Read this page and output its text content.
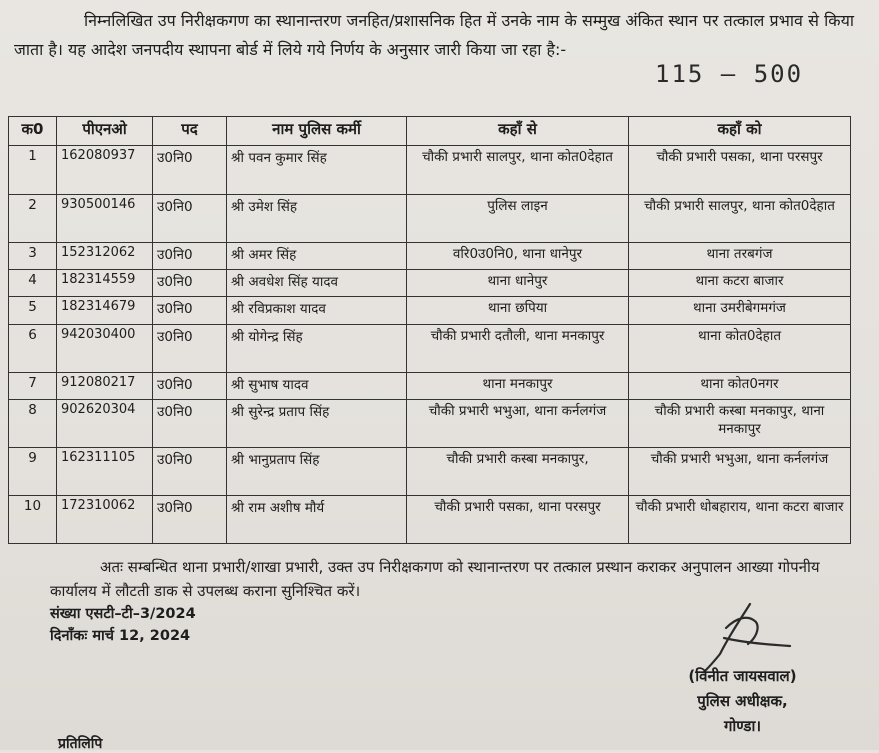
निम्नलिखित उप निरीक्षकगण का स्थानान्तरण जनहित/प्रशासनिक हित में उनके नाम के सम्मुख अंकित स्थान पर तत्काल प्रभाव से किया जाता है। यह आदेश जनपदीय स्थापना बोर्ड में लिये गये निर्णय के अनुसार जारी किया जा रहा है:-

115 — 500
क0	पीएनओ	पद	नाम पुलिस कर्मी	कहाँ से	कहाँ को
1	162080937	उ0नि0	श्री पवन कुमार सिंह	चौकी प्रभारी सालपुर, थाना कोत0देहात	चौकी प्रभारी पसका, थाना परसपुर
2	930500146	उ0नि0	श्री उमेश सिंह	पुलिस लाइन	चौकी प्रभारी सालपुर, थाना कोत0देहात
3	152312062	उ0नि0	श्री अमर सिंह	वरि0उ0नि0, थाना धानेपुर	थाना तरबगंज
4	182314559	उ0नि0	श्री अवधेश सिंह यादव	थाना धानेपुर	थाना कटरा बाजार
5	182314679	उ0नि0	श्री रविप्रकाश यादव	थाना छपिया	थाना उमरीबेगमगंज
6	942030400	उ0नि0	श्री योगेन्द्र सिंह	चौकी प्रभारी दतौली, थाना मनकापुर	थाना कोत0देहात
7	912080217	उ0नि0	श्री सुभाष यादव	थाना मनकापुर	थाना कोत0नगर
8	902620304	उ0नि0	श्री सुरेन्द्र प्रताप सिंह	चौकी प्रभारी भभुआ, थाना कर्नलगंज	चौकी प्रभारी कस्बा मनकापुर, थाना मनकापुर
9	162311105	उ0नि0	श्री भानुप्रताप सिंह	चौकी प्रभारी कस्बा मनकापुर,	चौकी प्रभारी भभुआ, थाना कर्नलगंज
10	172310062	उ0नि0	श्री राम अशीष मौर्य	चौकी प्रभारी पसका, थाना परसपुर	चौकी प्रभारी धोबहाराय, थाना कटरा बाजार

अतः सम्बन्धित थाना प्रभारी/शाखा प्रभारी, उक्त उप निरीक्षकगण को स्थानान्तरण पर तत्काल प्रस्थान कराकर अनुपालन आख्या गोपनीय कार्यालय में लौटती डाक से उपलब्ध कराना सुनिश्चित करें।

संख्या एसटी–टी–3/2024
दिनाँकः मार्च 12, 2024
(विनीत जायसवाल)
पुलिस अधीक्षक,
गोण्डा।
प्रतिलिपि
